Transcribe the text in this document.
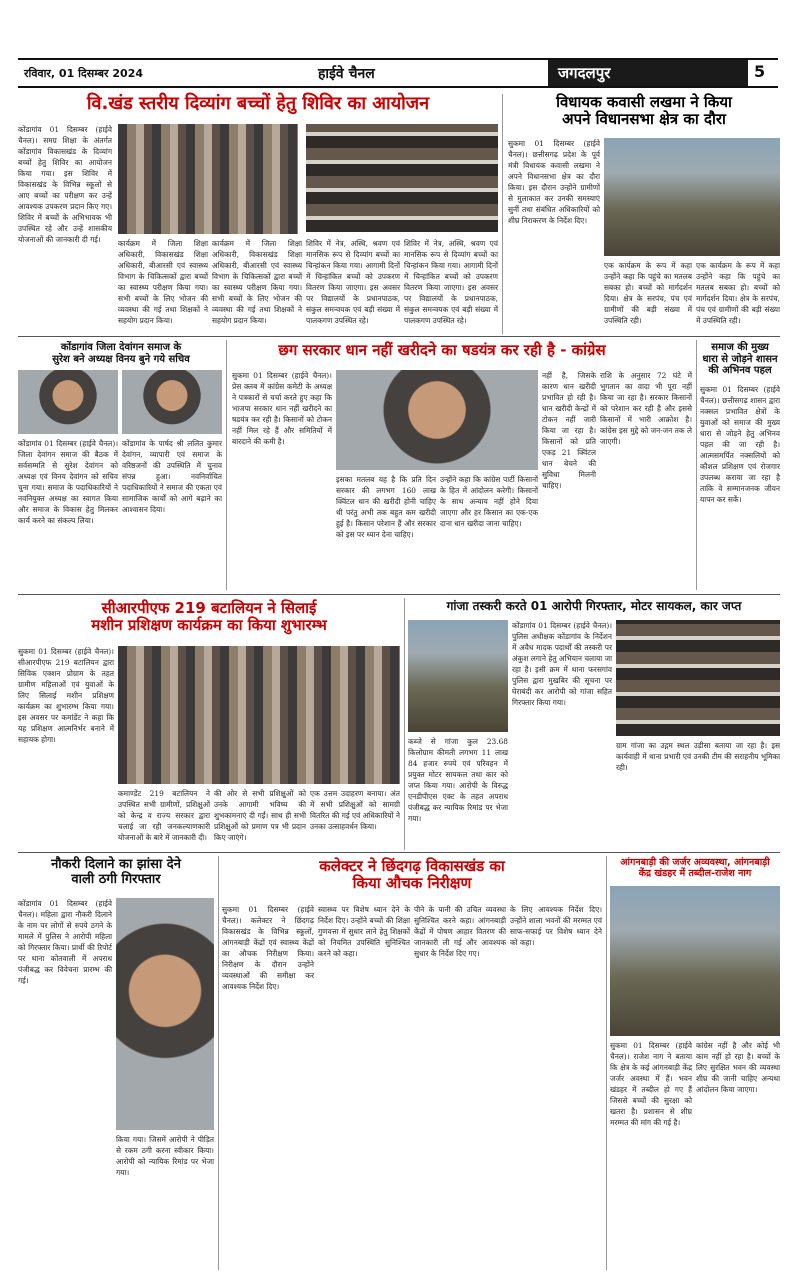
रविवार, 01 दिसम्बर 2024	हाईवे चैनल	जगदलपुर	5
वि.खंड स्तरीय दिव्यांग बच्चों हेतु शिविर का आयोजन
कोंडागांव 01 दिसम्बर (हाईवे चैनल)। समग्र शिक्षा के अंतर्गत कोंडागांव विकासखंड के दिव्यांग बच्चों हेतु शिविर का आयोजन किया गया। इस शिविर में विकासखंड के विभिन्न स्कूलों से आए बच्चों का परीक्षण कर उन्हें आवश्यक उपकरण प्रदान किए गए। शिविर में बच्चों के अभिभावक भी उपस्थित रहे और उन्हें शासकीय योजनाओं की जानकारी दी गई।	कार्यक्रम में जिला शिक्षा अधिकारी, विकासखंड शिक्षा अधिकारी, बीआरसी एवं स्वास्थ्य विभाग के चिकित्सकों द्वारा बच्चों का स्वास्थ्य परीक्षण किया गया। सभी बच्चों के लिए भोजन की व्यवस्था की गई तथा शिक्षकों ने सहयोग प्रदान किया।
कार्यक्रम में जिला शिक्षा अधिकारी, विकासखंड शिक्षा अधिकारी, बीआरसी एवं स्वास्थ्य विभाग के चिकित्सकों द्वारा बच्चों का स्वास्थ्य परीक्षण किया गया। सभी बच्चों के लिए भोजन की व्यवस्था की गई तथा शिक्षकों ने सहयोग प्रदान किया।
शिविर में नेत्र, अस्थि, श्रवण एवं मानसिक रूप से दिव्यांग बच्चों का चिन्हांकन किया गया। आगामी दिनों में चिन्हांकित बच्चों को उपकरण वितरण किया जाएगा। इस अवसर पर विद्यालयों के प्रधानपाठक, संकुल समन्वयक एवं बड़ी संख्या में पालकगण उपस्थित रहे।
शिविर में नेत्र, अस्थि, श्रवण एवं मानसिक रूप से दिव्यांग बच्चों का चिन्हांकन किया गया। आगामी दिनों में चिन्हांकित बच्चों को उपकरण वितरण किया जाएगा। इस अवसर पर विद्यालयों के प्रधानपाठक, संकुल समन्वयक एवं बड़ी संख्या में पालकगण उपस्थित रहे।
विधायक कवासी लखमा ने किया
अपने विधानसभा क्षेत्र का दौरा
सुकमा 01 दिसम्बर (हाईवे चैनल)। छत्तीसगढ़ प्रदेश के पूर्व मंत्री विधायक कवासी लखमा ने अपने विधानसभा क्षेत्र का दौरा किया। इस दौरान उन्होंने ग्रामीणों से मुलाकात कर उनकी समस्याएं सुनीं तथा संबंधित अधिकारियों को शीघ्र निराकरण के निर्देश दिए।
एक कार्यक्रम के रूप में कहा उन्होंने कहा कि पहुंचे का मतलब सबका हो। बच्चों को मार्गदर्शन दिया। क्षेत्र के सरपंच, पंच एवं ग्रामीणों की बड़ी संख्या में उपस्थिति रही।
एक कार्यक्रम के रूप में कहा उन्होंने कहा कि पहुंचे का मतलब सबका हो। बच्चों को मार्गदर्शन दिया। क्षेत्र के सरपंच, पंच एवं ग्रामीणों की बड़ी संख्या में उपस्थिति रही।
कोंडागांव जिला देवांगन समाज के
सुरेश बने अध्यक्ष विनय बुने गये सचिव
कोंडागांव 01 दिसम्बर (हाईवे चैनल)। जिला देवांगन समाज की बैठक में सर्वसम्मति से सुरेश देवांगन को अध्यक्ष एवं विनय देवांगन को सचिव चुना गया। समाज के पदाधिकारियों ने नवनियुक्त अध्यक्ष का स्वागत किया और समाज के विकास हेतु मिलकर कार्य करने का संकल्प लिया।
कोंडागांव के पार्षद श्री ललित कुमार देवांगन, व्यापारी एवं समाज के वरिष्ठजनों की उपस्थिति में चुनाव संपन्न हुआ। नवनिर्वाचित पदाधिकारियों ने समाज की एकता एवं सामाजिक कार्यों को आगे बढ़ाने का आश्वासन दिया।
छग सरकार धान नहीं खरीदने का षडयंत्र कर रही है - कांग्रेस
सुकमा 01 दिसम्बर (हाईवे चैनल)। प्रेस क्लब में कांग्रेस कमेटी के अध्यक्ष ने पत्रकारों से चर्चा करते हुए कहा कि भाजपा सरकार धान नहीं खरीदने का षडयंत्र कर रही है। किसानों को टोकन नहीं मिल रहे हैं और समितियों में बारदाने की कमी है।
इसका मतलब यह है कि प्रति दिन सरकार की लगभग 160 लाख क्विंटल धान की खरीदी होनी चाहिए थी परंतु अभी तक बहुत कम खरीदी हुई है। किसान परेशान हैं और सरकार को इस पर ध्यान देना चाहिए।
उन्होंने कहा कि कांग्रेस पार्टी किसानों के हित में आंदोलन करेगी। किसानों के साथ अन्याय नहीं होने दिया जाएगा और हर किसान का एक-एक दाना धान खरीदा जाना चाहिए।
नहीं है, जिसके कारण धान खरीदी प्रभावित हो रही है। धान खरीदी केन्द्रों में टोकन नहीं जारी किया जा रहा है। किसानों को प्रति एकड़ 21 क्विंटल धान बेचने की सुविधा मिलनी चाहिए।
राशि के अनुसार 72 घंटे में भुगतान का वादा भी पूरा नहीं किया जा रहा है। सरकार किसानों को परेशान कर रही है और इससे किसानों में भारी आक्रोश है। कांग्रेस इस मुद्दे को जन-जन तक ले जाएगी।
समाज की मुख्य
धारा से जोड़ने शासन
की अभिनव पहल
सुकमा 01 दिसम्बर (हाईवे चैनल)। छत्तीसगढ़ शासन द्वारा नक्सल प्रभावित क्षेत्रों के युवाओं को समाज की मुख्य धारा से जोड़ने हेतु अभिनव पहल की जा रही है। आत्मसमर्पित नक्सलियों को कौशल प्रशिक्षण एवं रोजगार उपलब्ध कराया जा रहा है ताकि वे सम्मानजनक जीवन यापन कर सकें।
सीआरपीएफ 219 बटालियन ने सिलाई
मशीन प्रशिक्षण कार्यक्रम का किया शुभारम्भ
सुकमा 01 दिसम्बर (हाईवे चैनल)। सीआरपीएफ 219 बटालियन द्वारा सिविक एक्शन प्रोग्राम के तहत ग्रामीण महिलाओं एवं युवाओं के लिए सिलाई मशीन प्रशिक्षण कार्यक्रम का शुभारम्भ किया गया। इस अवसर पर कमांडेंट ने कहा कि यह प्रशिक्षण आत्मनिर्भर बनाने में सहायक होगा।
कमाण्डेंट 219 बटालियन ने उपस्थित सभी ग्रामीणों, प्रशिक्षुओं को केन्द्र व राज्य सरकार द्वारा चलाई जा रही जनकल्याणकारी योजनाओं के बारे में जानकारी दी।
की ओर से सभी प्रशिक्षुओं को उनके आगामी भविष्य की शुभकामनाएं दी गईं। साथ ही सभी प्रशिक्षुओं को प्रमाण पत्र भी प्रदान किए जाएंगे।
एक उत्तम उदाहरण बनाया। अंत में सभी प्रशिक्षुओं को सामग्री वितरित की गई एवं अधिकारियों ने उनका उत्साहवर्धन किया।
गांजा तस्करी करते 01 आरोपी गिरफ्तार, मोटर सायकल, कार जप्त
कोंडागांव 01 दिसम्बर (हाईवे चैनल)। पुलिस अधीक्षक कोंडागांव के निर्देशन में अवैध मादक पदार्थों की तस्करी पर अंकुश लगाने हेतु अभियान चलाया जा रहा है। इसी क्रम में थाना फरसगांव पुलिस द्वारा मुखबिर की सूचना पर घेराबंदी कर आरोपी को गांजा सहित गिरफ्तार किया गया।
कब्जे से गांजा कुल 23.68 किलोग्राम कीमती लगभग 11 लाख 84 हजार रुपये एवं परिवहन में प्रयुक्त मोटर सायकल तथा कार को जप्त किया गया। आरोपी के विरुद्ध एनडीपीएस एक्ट के तहत अपराध पंजीबद्ध कर न्यायिक रिमांड पर भेजा गया।
ग्राम गांजा का उद्गम स्थल उड़ीसा बताया जा रहा है। इस कार्यवाही में थाना प्रभारी एवं उनकी टीम की सराहनीय भूमिका रही।
नौकरी दिलाने का झांसा देने
वाली ठगी गिरफ्तार
कोंडागांव 01 दिसम्बर (हाईवे चैनल)। महिला द्वारा नौकरी दिलाने के नाम पर लोगों से रुपये ठगने के मामले में पुलिस ने आरोपी महिला को गिरफ्तार किया। प्रार्थी की रिपोर्ट पर थाना कोतवाली में अपराध पंजीबद्ध कर विवेचना प्रारम्भ की गई।
किया गया। जिसमें आरोपी ने पीड़ित से रकम ठगी करना स्वीकार किया। आरोपी को न्यायिक रिमांड पर भेजा गया।
कलेक्टर ने छिंदगढ़ विकासखंड का
किया औचक निरीक्षण
सुकमा 01 दिसम्बर (हाईवे चैनल)। कलेक्टर ने छिंदगढ़ विकासखंड के विभिन्न स्कूलों, आंगनबाड़ी केंद्रों एवं स्वास्थ्य केंद्रों का औचक निरीक्षण किया। निरीक्षण के दौरान उन्होंने व्यवस्थाओं की समीक्षा कर आवश्यक निर्देश दिए।
स्वास्थ्य पर विशेष ध्यान देने के निर्देश दिए। उन्होंने बच्चों की शिक्षा गुणवत्ता में सुधार लाने हेतु शिक्षकों को नियमित उपस्थिति सुनिश्चित करने को कहा।
पीने के पानी की उचित व्यवस्था सुनिश्चित करने कहा। आंगनबाड़ी केंद्रों में पोषण आहार वितरण की जानकारी ली गई और आवश्यक सुधार के निर्देश दिए गए।
के लिए आवश्यक निर्देश दिए। उन्होंने शाला भवनों की मरम्मत एवं साफ-सफाई पर विशेष ध्यान देने को कहा।
आंगनबाड़ी की जर्जर अव्यवस्था, आंगनबाड़ी
केंद्र खंडहर में तब्दील-राजेश नाग
सुकमा 01 दिसम्बर (हाईवे चैनल)। राजेश नाग ने बताया कि क्षेत्र के कई आंगनबाड़ी केंद्र जर्जर अवस्था में हैं। भवन खंडहर में तब्दील हो गए हैं जिससे बच्चों की सुरक्षा को खतरा है। प्रशासन से शीघ्र मरम्मत की मांग की गई है।
कांग्रेस नहीं है और कोई भी काम नहीं हो रहा है। बच्चों के लिए सुरक्षित भवन की व्यवस्था शीघ्र की जानी चाहिए अन्यथा आंदोलन किया जाएगा।
